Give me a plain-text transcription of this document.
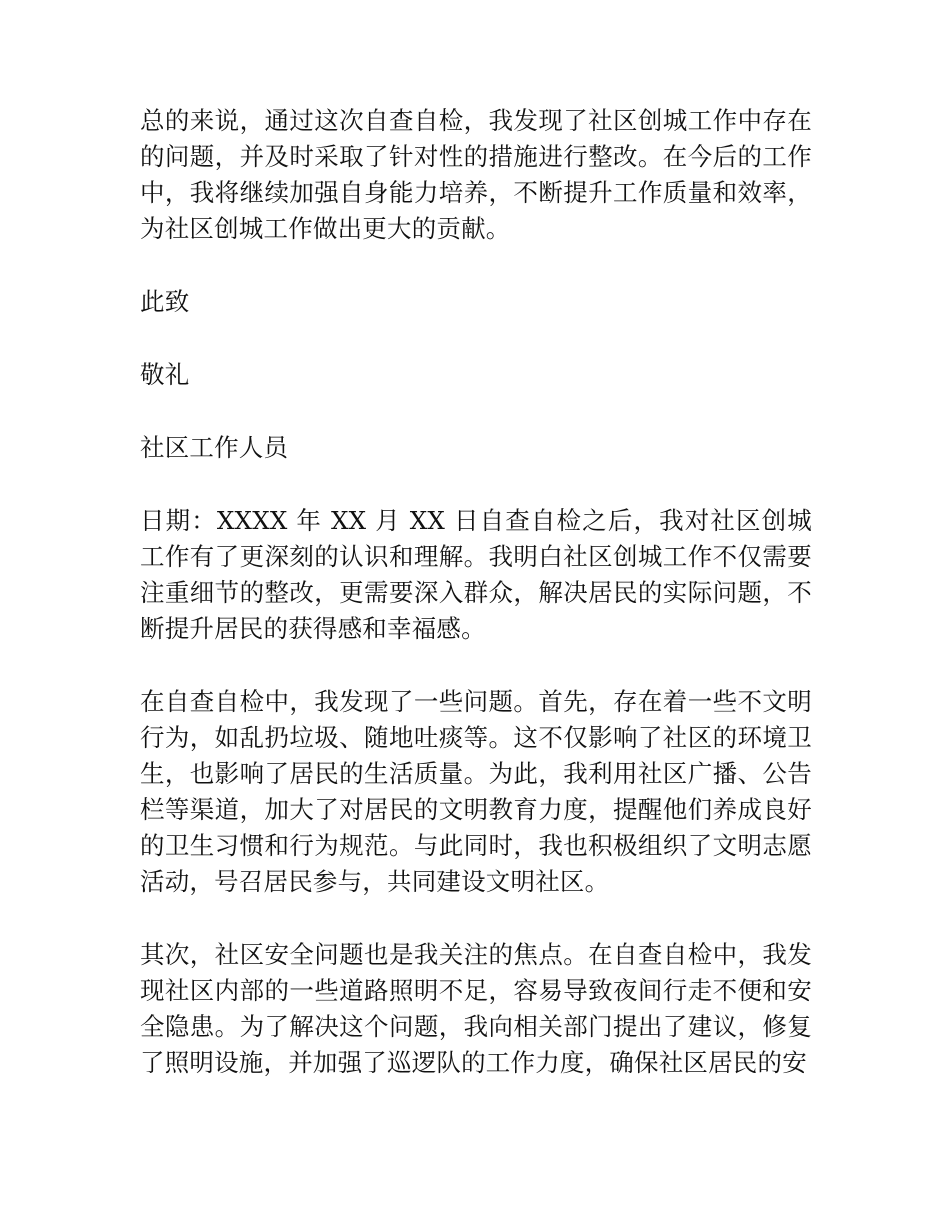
总的来说，通过这次自查自检，我发现了社区创城工作中存在的问题，并及时采取了针对性的措施进行整改。在今后的工作中，我将继续加强自身能力培养，不断提升工作质量和效率，为社区创城工作做出更大的贡献。

此致

敬礼

社区工作人员

日期：XXXX 年 XX 月 XX 日自查自检之后，我对社区创城工作有了更深刻的认识和理解。我明白社区创城工作不仅需要注重细节的整改，更需要深入群众，解决居民的实际问题，不断提升居民的获得感和幸福感。

在自查自检中，我发现了一些问题。首先，存在着一些不文明行为，如乱扔垃圾、随地吐痰等。这不仅影响了社区的环境卫生，也影响了居民的生活质量。为此，我利用社区广播、公告栏等渠道，加大了对居民的文明教育力度，提醒他们养成良好的卫生习惯和行为规范。与此同时，我也积极组织了文明志愿活动，号召居民参与，共同建设文明社区。

其次，社区安全问题也是我关注的焦点。在自查自检中，我发现社区内部的一些道路照明不足，容易导致夜间行走不便和安全隐患。为了解决这个问题，我向相关部门提出了建议，修复了照明设施，并加强了巡逻队的工作力度，确保社区居民的安
